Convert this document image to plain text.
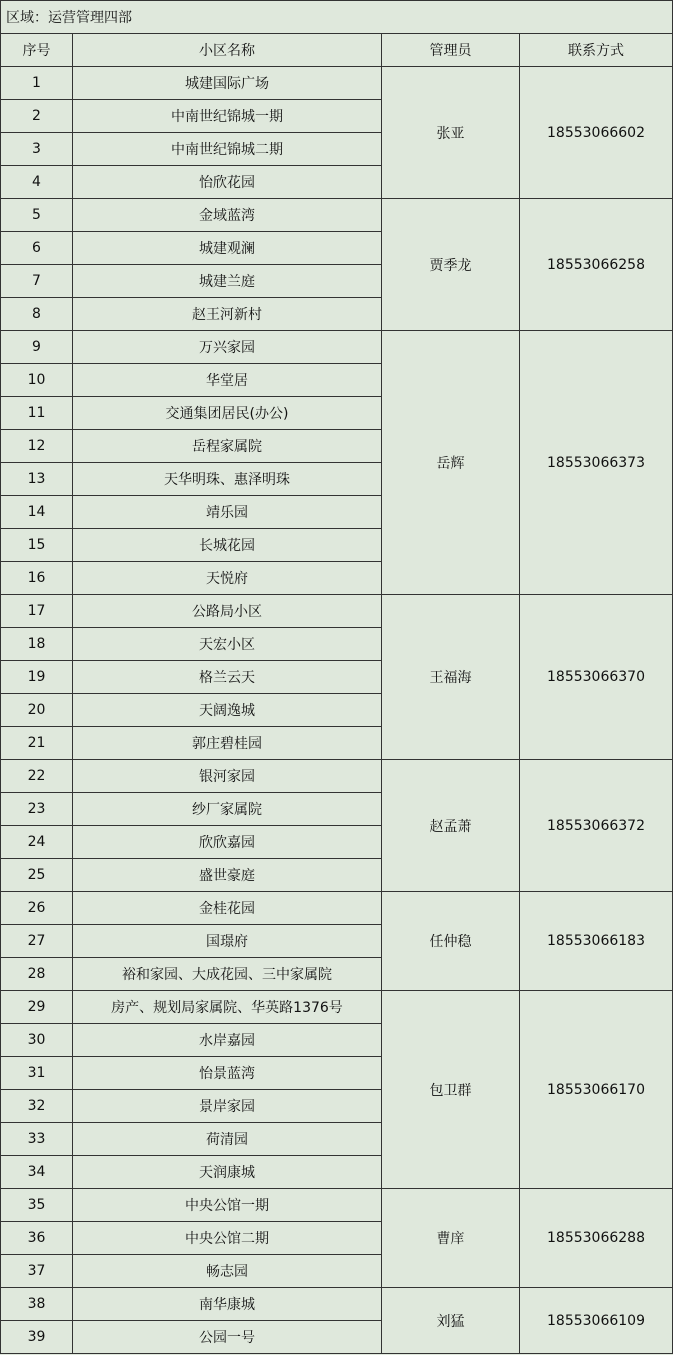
区域：运营管理四部			
序号	小区名称	管理员	联系方式
1	城建国际广场	张亚	18553066602
2	中南世纪锦城一期		
3	中南世纪锦城二期		
4	怡欣花园		
5	金域蓝湾	贾季龙	18553066258
6	城建观澜		
7	城建兰庭		
8	赵王河新村		
9	万兴家园	岳辉	18553066373
10	华堂居		
11	交通集团居民(办公)		
12	岳程家属院		
13	天华明珠、惠泽明珠		
14	靖乐园		
15	长城花园		
16	天悦府		
17	公路局小区	王福海	18553066370
18	天宏小区		
19	格兰云天		
20	天阔逸城		
21	郭庄碧桂园		
22	银河家园	赵孟萧	18553066372
23	纱厂家属院		
24	欣欣嘉园		
25	盛世豪庭		
26	金桂花园	任仲稳	18553066183
27	国璟府		
28	裕和家园、大成花园、三中家属院		
29	房产、规划局家属院、华英路1376号	包卫群	18553066170
30	水岸嘉园		
31	怡景蓝湾		
32	景岸家园		
33	荷清园		
34	天润康城		
35	中央公馆一期	曹庠	18553066288
36	中央公馆二期		
37	畅志园		
38	南华康城	刘猛	18553066109
39	公园一号		
